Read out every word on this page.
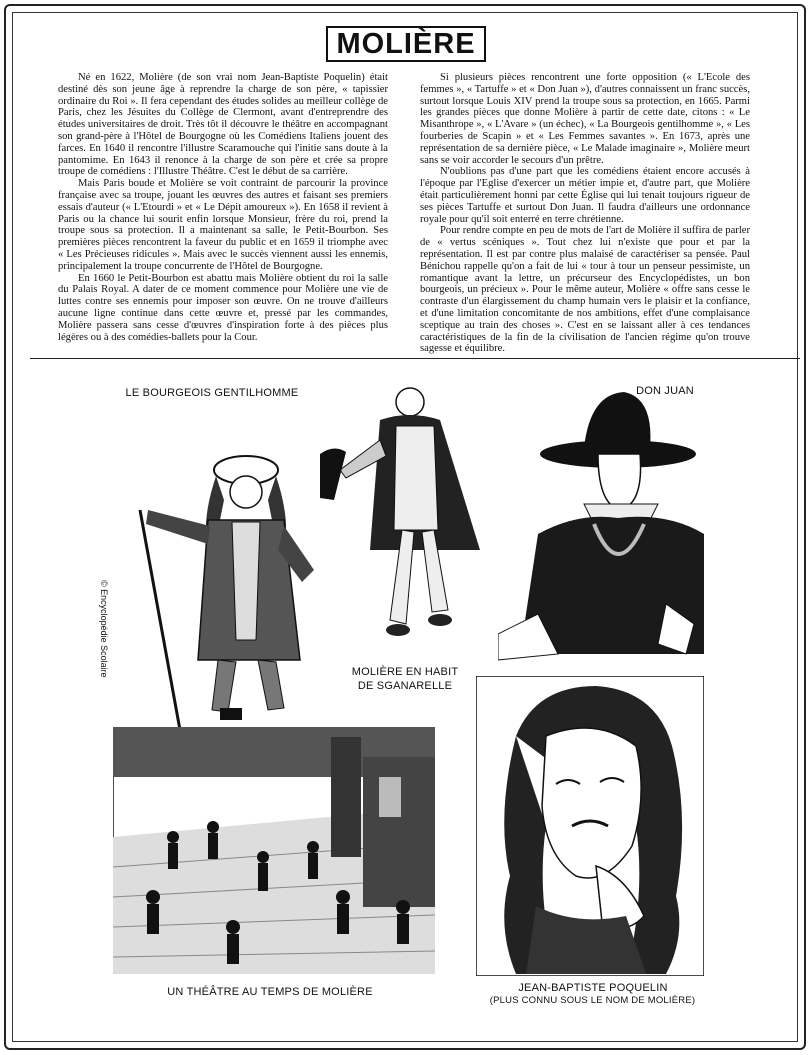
MOLIÈRE

Né en 1622, Molière (de son vrai nom Jean-Baptiste Poquelin) était destiné dès son jeune âge à reprendre la charge de son père, « tapissier ordinaire du Roi ». Il fera cependant des études solides au meilleur collège de Paris, chez les Jésuites du Collège de Clermont, avant d'entreprendre des études universitaires de droit. Très tôt il découvre le théâtre en accompagnant son grand-père à l'Hôtel de Bourgogne où les Comédiens Italiens jouent des farces. En 1640 il rencontre l'illustre Scaramouche qui l'initie sans doute à la pantomime. En 1643 il renonce à la charge de son père et crée sa propre troupe de comédiens : l'Illustre Théâtre. C'est le début de sa carrière.

Mais Paris boude et Molière se voit contraint de parcourir la province française avec sa troupe, jouant les œuvres des autres et faisant ses premiers essais d'auteur (« L'Etourdi » et « Le Dépit amoureux »). En 1658 il revient à Paris ou la chance lui sourit enfin lorsque Monsieur, frère du roi, prend la troupe sous sa protection. Il a maintenant sa salle, le Petit-Bourbon. Ses premières pièces rencontrent la faveur du public et en 1659 il triomphe avec « Les Précieuses ridicules ». Mais avec le succès viennent aussi les ennemis, principalement la troupe concurrente de l'Hôtel de Bourgogne.

En 1660 le Petit-Bourbon est abattu mais Molière obtient du roi la salle du Palais Royal. A dater de ce moment commence pour Molière une vie de luttes contre ses ennemis pour imposer son œuvre. On ne trouve d'ailleurs aucune ligne continue dans cette œuvre et, pressé par les commandes, Molière passera sans cesse d'œuvres d'inspiration forte à des pièces plus légères ou à des comédies-ballets pour la Cour.

Si plusieurs pièces rencontrent une forte opposition (« L'Ecole des femmes », « Tartuffe » et « Don Juan »), d'autres connaissent un franc succès, surtout lorsque Louis XIV prend la troupe sous sa protection, en 1665. Parmi les grandes pièces que donne Molière à partir de cette date, citons : « Le Misanthrope », « L'Avare » (un échec), « La Bourgeois gentilhomme », « Les fourberies de Scapin » et « Les Femmes savantes ». En 1673, après une représentation de sa dernière pièce, « Le Malade imaginaire », Molière meurt sans se voir accorder le secours d'un prêtre.

N'oublions pas d'une part que les comédiens étaient encore accusés à l'époque par l'Eglise d'exercer un métier impie et, d'autre part, que Molière était particulièrement honni par cette Église qui lui tenait toujours rigueur de ses pièces Tartuffe et surtout Don Juan. Il faudra d'ailleurs une ordonnance royale pour qu'il soit enterré en terre chrétienne.

Pour rendre compte en peu de mots de l'art de Molière il suffira de parler de « vertus scéniques ». Tout chez lui n'existe que pour et par la représentation. Il est par contre plus malaisé de caractériser sa pensée. Paul Bénichou rappelle qu'on a fait de lui « tour à tour un penseur pessimiste, un romantique avant la lettre, un précurseur des Encyclopédistes, un bon bourgeois, un précieux ». Pour le même auteur, Molière « offre sans cesse le contraste d'un élargissement du champ humain vers le plaisir et la confiance, et d'une limitation concomitante de nos ambitions, effet d'une complaisance sceptique au train des choses ». C'est en se laissant aller à ces tendances caractéristiques de la fin de la civilisation de l'ancien régime qu'on trouve sagesse et équilibre.

LE BOURGEOIS GENTILHOMME	DON JUAN
MOLIÈRE EN HABIT
DE SGANARELLE
UN THÉÂTRE AU TEMPS DE MOLIÈRE	JEAN-BAPTISTE POQUELIN
(PLUS CONNU SOUS LE NOM DE MOLIÈRE)
© Encyclopédie Scolaire
